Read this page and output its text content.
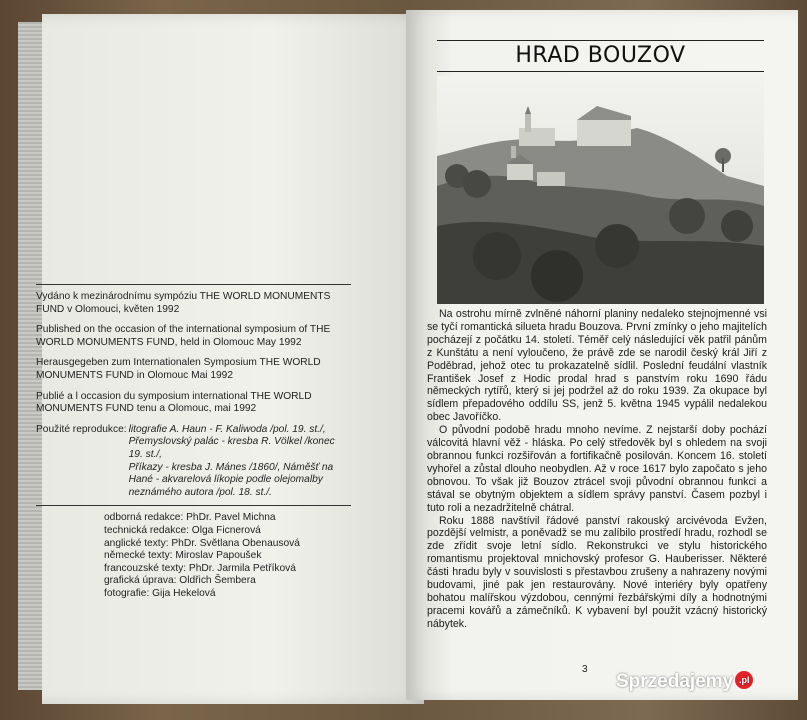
Vydáno k mezinárodnímu sympóziu THE WORLD MONUMENTS FUND v Olomouci, květen 1992
Published on the occasion of the international symposium of THE WORLD MONUMENTS FUND, held in Olomouc May 1992
Herausgegeben zum Internationalen Symposium THE WORLD MONUMENTS FUND in Olomouc Mai 1992
Publié a l occasion du symposium international THE WORLD MONUMENTS FUND tenu a Olomouc, mai 1992
Použité reprodukce: litografie A. Haun - F. Kaliwoda /pol. 19. st./,
Přemyslovský palác - kresba R. Völkel /konec 19. st./,
Příkazy - kresba J. Mánes /1860/, Náměšť na Hané - akvarelová líkopie podle olejomalby neznámého autora /pol. 18. st./.
odborná redakce: PhDr. Pavel Michna
technická redakce: Olga Ficnerová
anglické texty: PhDr. Světlana Obenausová
německé texty: Miroslav Papoušek
francouzské texty: PhDr. Jarmila Petříková
grafická úprava: Oldřich Šembera
fotografie: Gija Hekelová
HRAD BOUZOV

Na ostrohu mírně zvlněné náhorní planiny nedaleko stejnojmenné vsi se tyčí romantická silueta hradu Bouzova. První zmínky o jeho majitelích pocházejí z počátku 14. století. Téměř celý následující věk patřil pánům z Kunštátu a není vyloučeno, že právě zde se narodil český král Jiří z Poděbrad, jehož otec tu prokazatelně sídlil. Poslední feudální vlastník František Josef z Hodic prodal hrad s panstvím roku 1690 řádu německých rytířů, který si jej podržel až do roku 1939. Za okupace byl sídlem přepadového oddílu SS, jenž 5. května 1945 vypálil nedalekou obec Javoříčko.

O původní podobě hradu mnoho nevíme. Z nejstarší doby pochází válcovitá hlavní věž - hláska. Po celý středověk byl s ohledem na svoji obrannou funkci rozšiřován a fortifikačně posilován. Koncem 16. století vyhořel a zůstal dlouho neobydlen. Až v roce 1617 bylo započato s jeho obnovou. To však již Bouzov ztrácel svoji původní obrannou funkci a stával se obytným objektem a sídlem správy panství. Časem pozbyl i tuto roli a nezadržitelně chátral.

Roku 1888 navštívil řádové panství rakouský arcivévoda Evžen, pozdější velmistr, a poněvadž se mu zalíbilo prostředí hradu, rozhodl se zde zřídit svoje letní sídlo. Rekonstrukci ve stylu historického romantismu projektoval mnichovský profesor G. Hauberisser. Některé části hradu byly v souvislosti s přestavbou zrušeny a nahrazeny novými budovami, jiné pak jen restaurovány. Nové interiéry byly opatřeny bohatou malířskou výzdobou, cennými řezbářskými díly a hodnotnými pracemi kovářů a zámečníků. K vybavení byl použit vzácný historický nábytek.

3
Sprzedajemy .pl
